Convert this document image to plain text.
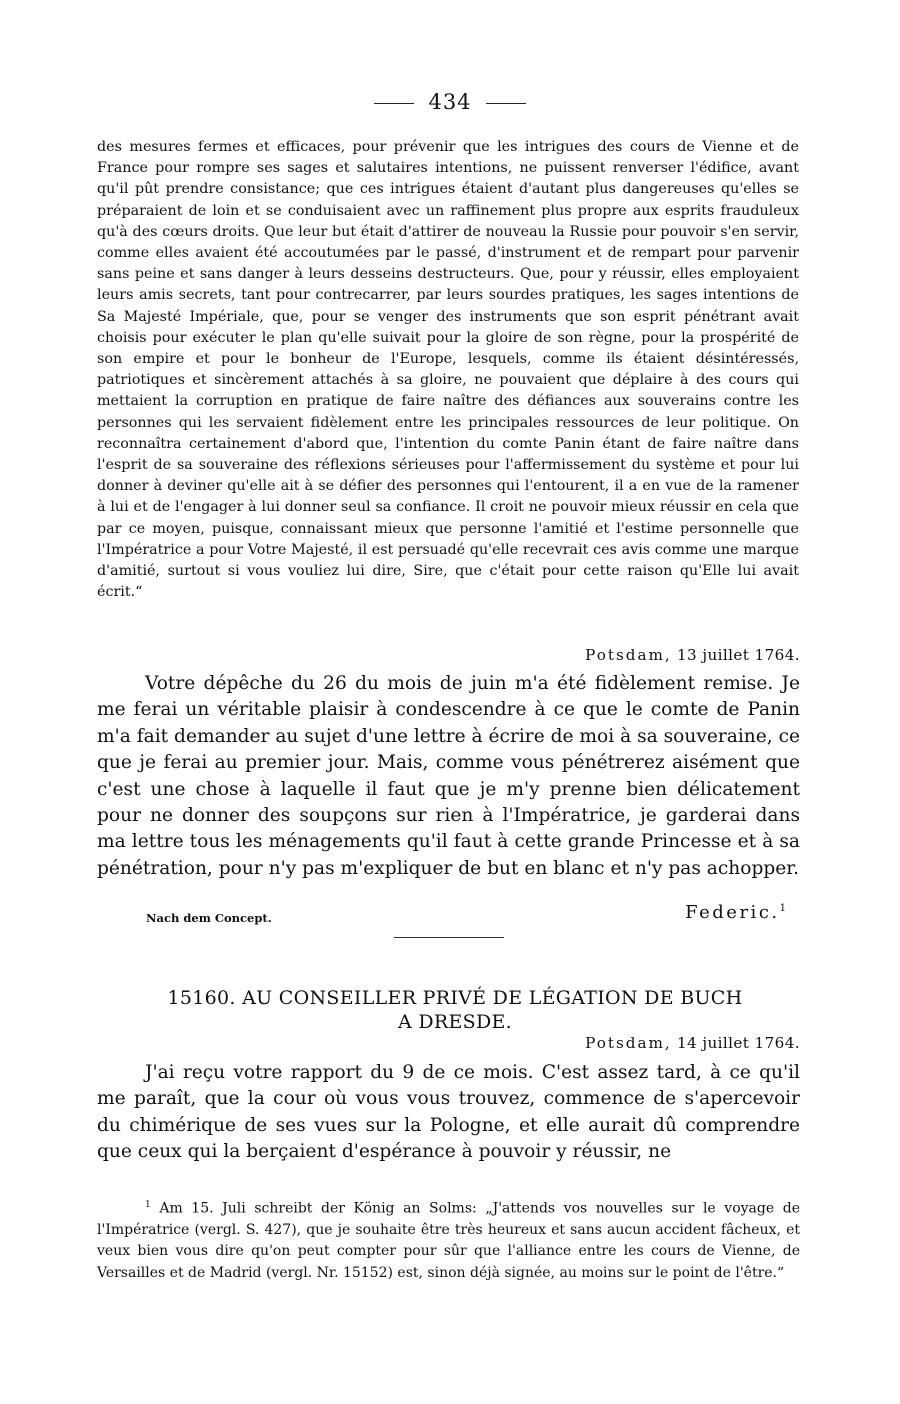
434
des mesures fermes et efficaces, pour prévenir que les intrigues des cours de Vienne et de France pour rompre ses sages et salutaires intentions, ne puissent renverser l'édifice, avant qu'il pût prendre consistance; que ces intrigues étaient d'autant plus dangereuses qu'elles se préparaient de loin et se conduisaient avec un raffinement plus propre aux esprits frauduleux qu'à des cœurs droits. Que leur but était d'attirer de nouveau la Russie pour pouvoir s'en servir, comme elles avaient été accoutumées par le passé, d'instrument et de rempart pour parvenir sans peine et sans danger à leurs desseins destructeurs. Que, pour y réussir, elles employaient leurs amis secrets, tant pour contrecarrer, par leurs sourdes pratiques, les sages intentions de Sa Majesté Impériale, que, pour se venger des instruments que son esprit pénétrant avait choisis pour exécuter le plan qu'elle suivait pour la gloire de son règne, pour la prospérité de son empire et pour le bonheur de l'Europe, lesquels, comme ils étaient désintéressés, patriotiques et sincèrement attachés à sa gloire, ne pouvaient que déplaire à des cours qui mettaient la corruption en pratique de faire naître des défiances aux souverains contre les personnes qui les servaient fidèlement entre les principales ressources de leur politique. On reconnaîtra certainement d'abord que, l'intention du comte Panin étant de faire naître dans l'esprit de sa souveraine des réflexions sérieuses pour l'affermissement du système et pour lui donner à deviner qu'elle ait à se défier des personnes qui l'entourent, il a en vue de la ramener à lui et de l'engager à lui donner seul sa confiance. Il croit ne pouvoir mieux réussir en cela que par ce moyen, puisque, connaissant mieux que personne l'amitié et l'estime personnelle que l'Impératrice a pour Votre Majesté, il est persuadé qu'elle recevrait ces avis comme une marque d'amitié, surtout si vous vouliez lui dire, Sire, que c'était pour cette raison qu'Elle lui avait écrit.“
Potsdam, 13 juillet 1764.
Votre dépêche du 26 du mois de juin m'a été fidèlement remise. Je me ferai un véritable plaisir à condescendre à ce que le comte de Panin m'a fait demander au sujet d'une lettre à écrire de moi à sa souveraine, ce que je ferai au premier jour. Mais, comme vous pénétrerez aisément que c'est une chose à laquelle il faut que je m'y prenne bien délicatement pour ne donner des soupçons sur rien à l'Impératrice, je garderai dans ma lettre tous les ménagements qu'il faut à cette grande Princesse et à sa pénétration, pour n'y pas m'expliquer de but en blanc et n'y pas achopper.
Nach dem Concept.	Federic.$^1$
15160. AU CONSEILLER PRIVÉ DE LÉGATION DE BUCH
A DRESDE.
Potsdam, 14 juillet 1764.
J'ai reçu votre rapport du 9 de ce mois. C'est assez tard, à ce qu'il me paraît, que la cour où vous vous trouvez, commence de s'apercevoir du chimérique de ses vues sur la Pologne, et elle aurait dû comprendre que ceux qui la berçaient d'espérance à pouvoir y réussir, ne
$^1$ Am 15. Juli schreibt der König an Solms: „J'attends vos nouvelles sur le voyage de l'Impératrice (vergl. S. 427), que je souhaite être très heureux et sans aucun accident fâcheux, et veux bien vous dire qu'on peut compter pour sûr que l'alliance entre les cours de Vienne, de Versailles et de Madrid (vergl. Nr. 15152) est, sinon déjà signée, au moins sur le point de l'être.“
